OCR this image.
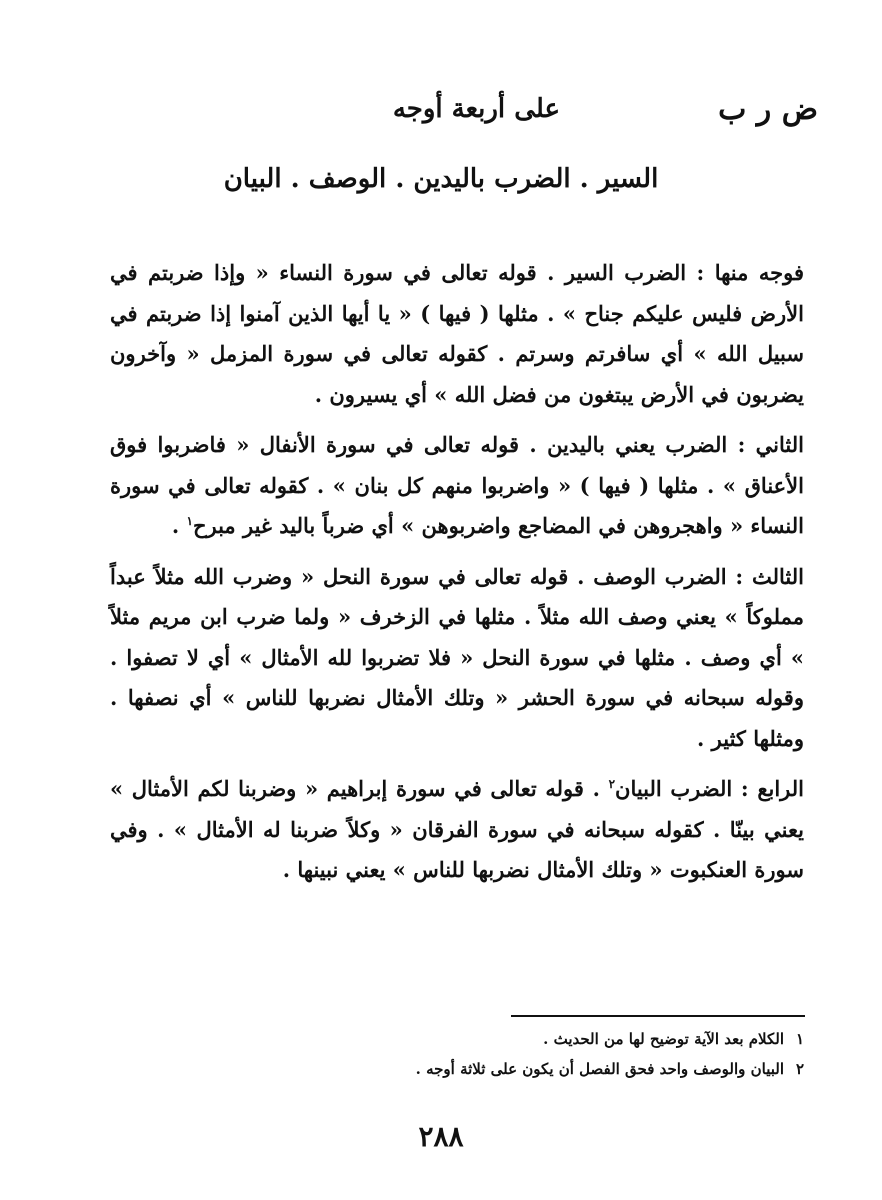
ض ر ب
على أربعة أوجه
السير . الضرب باليدين . الوصف . البيان

فوجه منها : الضرب السير . قوله تعالى في سورة النساء « وإذا ضربتم في الأرض فليس عليكم جناح » . مثلها ( فيها ) « يا أيها الذين آمنوا إذا ضربتم في سبيل الله » أي سافرتم وسرتم . كقوله تعالى في سورة المزمل « وآخرون يضربون في الأرض يبتغون من فضل الله » أي يسيرون .

الثاني : الضرب يعني باليدين . قوله تعالى في سورة الأنفال « فاضربوا فوق الأعناق » . مثلها ( فيها ) « واضربوا منهم كل بنان » . كقوله تعالى في سورة النساء « واهجروهن في المضاجع واضربوهن » أي ضرباً باليد غير مبرح$^١$ .

الثالث : الضرب الوصف . قوله تعالى في سورة النحل « وضرب الله مثلاً عبداً مملوكاً » يعني وصف الله مثلاً . مثلها في الزخرف « ولما ضرب ابن مريم مثلاً » أي وصف . مثلها في سورة النحل « فلا تضربوا لله الأمثال » أي لا تصفوا . وقوله سبحانه في سورة الحشر « وتلك الأمثال نضربها للناس » أي نصفها . ومثلها كثير .

الرابع : الضرب البيان$^٢$ . قوله تعالى في سورة إبراهيم « وضربنا لكم الأمثال » يعني بينّا . كقوله سبحانه في سورة الفرقان « وكلاً ضربنا له الأمثال » . وفي سورة العنكبوت « وتلك الأمثال نضربها للناس » يعني نبينها .

١الكلام بعد الآية توضيح لها من الحديث .
٢البيان والوصف واحد فحق الفصل أن يكون على ثلاثة أوجه .
٢٨٨
